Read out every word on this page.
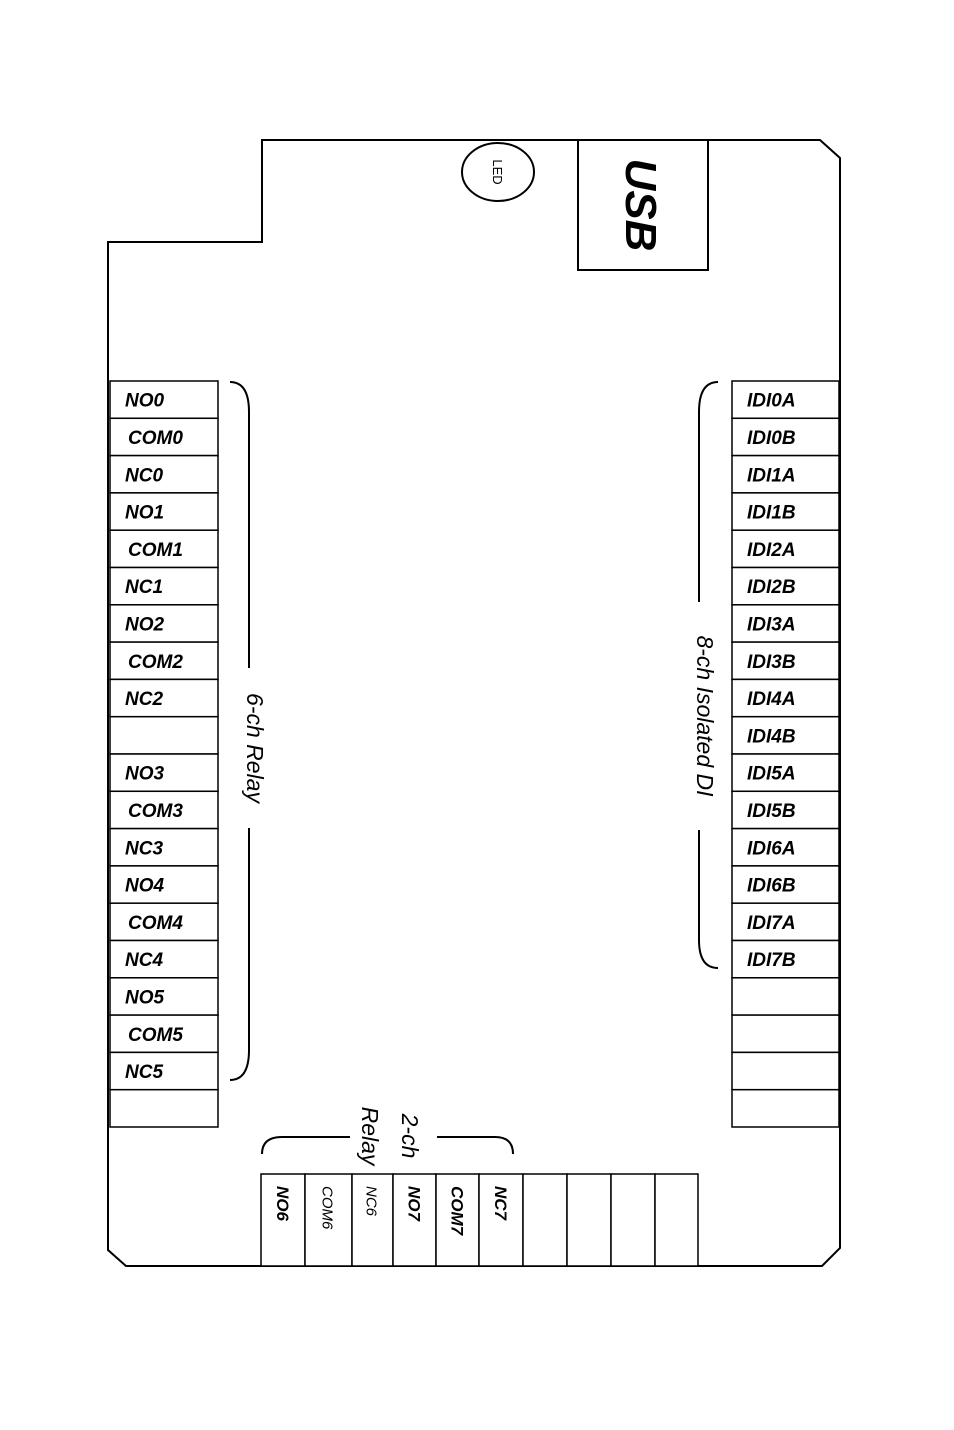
LED	USB
NO0
COM0
NC0
NO1
COM1
NC1
NO2
COM2
NC2
NO3
COM3
NC3
NO4
COM4
NC4
NO5
COM5
NC5
IDI0A
IDI0B
IDI1A
IDI1B
IDI2A
IDI2B
IDI3A
IDI3B
IDI4A
IDI4B
IDI5A
IDI5B
IDI6A
IDI6B
IDI7A
IDI7B
NO6 COM6 NC6 NO7 COM7 NC7
6-ch Relay	8-ch Isolated DI
2-ch
Relay
